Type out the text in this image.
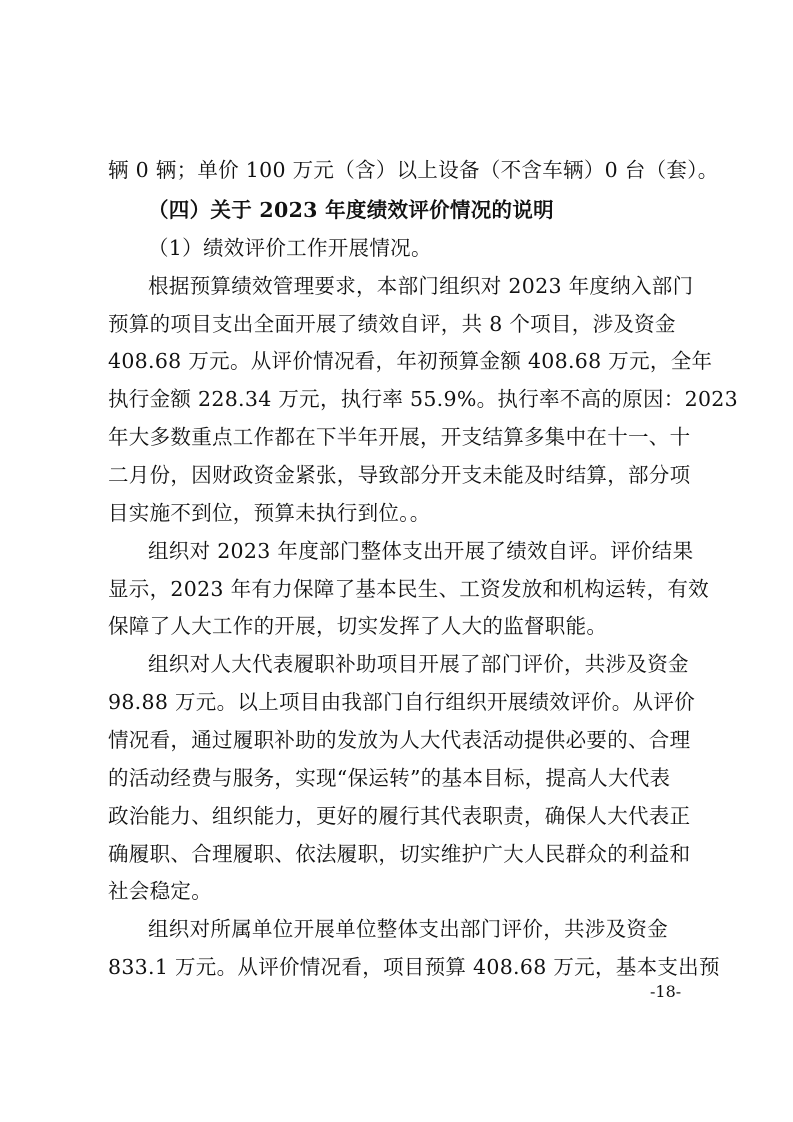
辆 0 辆；单价 100 万元（含）以上设备（不含车辆）0 台（套）。
（四）关于 2023 年度绩效评价情况的说明
（1）绩效评价工作开展情况。
根据预算绩效管理要求，本部门组织对 2023 年度纳入部门
预算的项目支出全面开展了绩效自评，共 8 个项目，涉及资金
408.68 万元。从评价情况看，年初预算金额 408.68 万元，全年
执行金额 228.34 万元，执行率 55.9%。执行率不高的原因：2023
年大多数重点工作都在下半年开展，开支结算多集中在十一、十
二月份，因财政资金紧张，导致部分开支未能及时结算，部分项
目实施不到位，预算未执行到位。。
组织对 2023 年度部门整体支出开展了绩效自评。评价结果
显示，2023 年有力保障了基本民生、工资发放和机构运转，有效
保障了人大工作的开展，切实发挥了人大的监督职能。
组织对人大代表履职补助项目开展了部门评价，共涉及资金
98.88 万元。以上项目由我部门自行组织开展绩效评价。从评价
情况看，通过履职补助的发放为人大代表活动提供必要的、合理
的活动经费与服务，实现“保运转”的基本目标，提高人大代表
政治能力、组织能力，更好的履行其代表职责，确保人大代表正
确履职、合理履职、依法履职，切实维护广大人民群众的利益和
社会稳定。
组织对所属单位开展单位整体支出部门评价，共涉及资金
833.1 万元。从评价情况看，项目预算 408.68 万元，基本支出预
-18-
